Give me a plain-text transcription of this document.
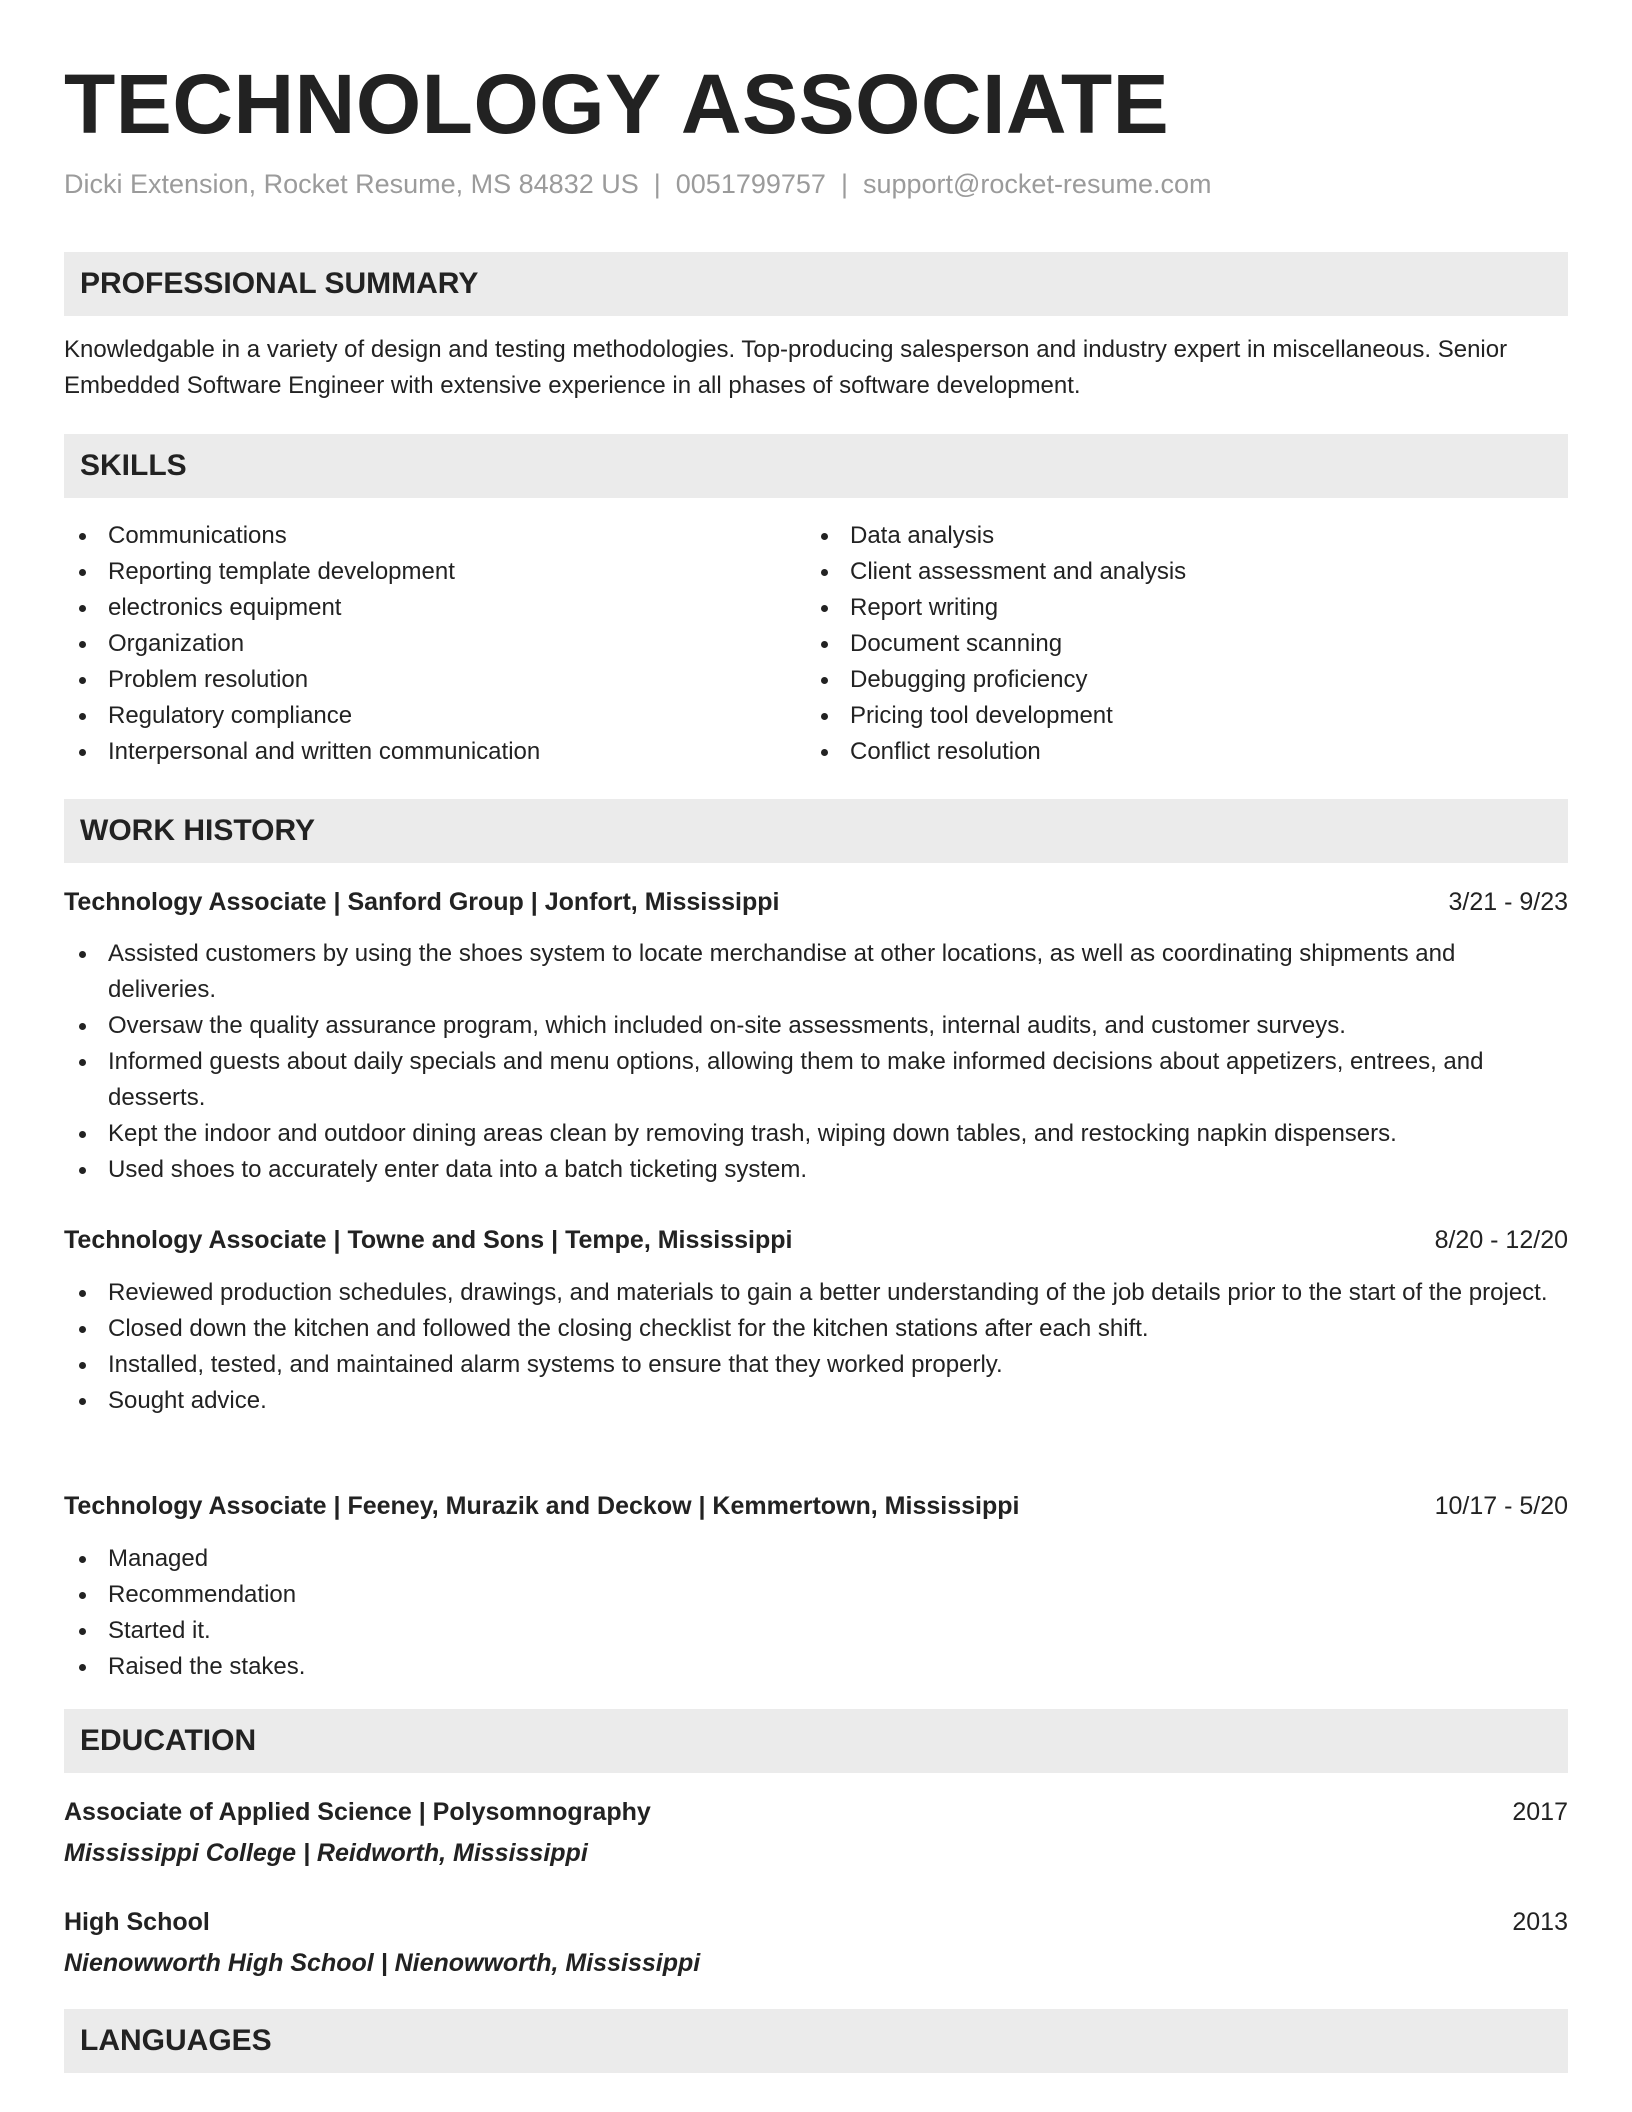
TECHNOLOGY ASSOCIATE
Dicki Extension, Rocket Resume, MS 84832 US | 0051799757 | support@rocket-resume.com
PROFESSIONAL SUMMARY

Knowledgable in a variety of design and testing methodologies. Top-producing salesperson and industry expert in miscellaneous. Senior Embedded Software Engineer with extensive experience in all phases of software development.

SKILLS
Communications
Reporting template development
electronics equipment
Organization
Problem resolution
Regulatory compliance
Interpersonal and written communication
Data analysis
Client assessment and analysis
Report writing
Document scanning
Debugging proficiency
Pricing tool development
Conflict resolution
WORK HISTORY
Technology Associate | Sanford Group | Jonfort, Mississippi	3/21 - 9/23
Assisted customers by using the shoes system to locate merchandise at other locations, as well as coordinating shipments and deliveries.
Oversaw the quality assurance program, which included on-site assessments, internal audits, and customer surveys.
Informed guests about daily specials and menu options, allowing them to make informed decisions about appetizers, entrees, and desserts.
Kept the indoor and outdoor dining areas clean by removing trash, wiping down tables, and restocking napkin dispensers.
Used shoes to accurately enter data into a batch ticketing system.
Technology Associate | Towne and Sons | Tempe, Mississippi	8/20 - 12/20
Reviewed production schedules, drawings, and materials to gain a better understanding of the job details prior to the start of the project.
Closed down the kitchen and followed the closing checklist for the kitchen stations after each shift.
Installed, tested, and maintained alarm systems to ensure that they worked properly.
Sought advice.
Technology Associate | Feeney, Murazik and Deckow | Kemmertown, Mississippi	10/17 - 5/20
Managed
Recommendation
Started it.
Raised the stakes.
EDUCATION
Associate of Applied Science | Polysomnography	2017
Mississippi College | Reidworth, Mississippi
High School	2013
Nienowworth High School | Nienowworth, Mississippi
LANGUAGES
